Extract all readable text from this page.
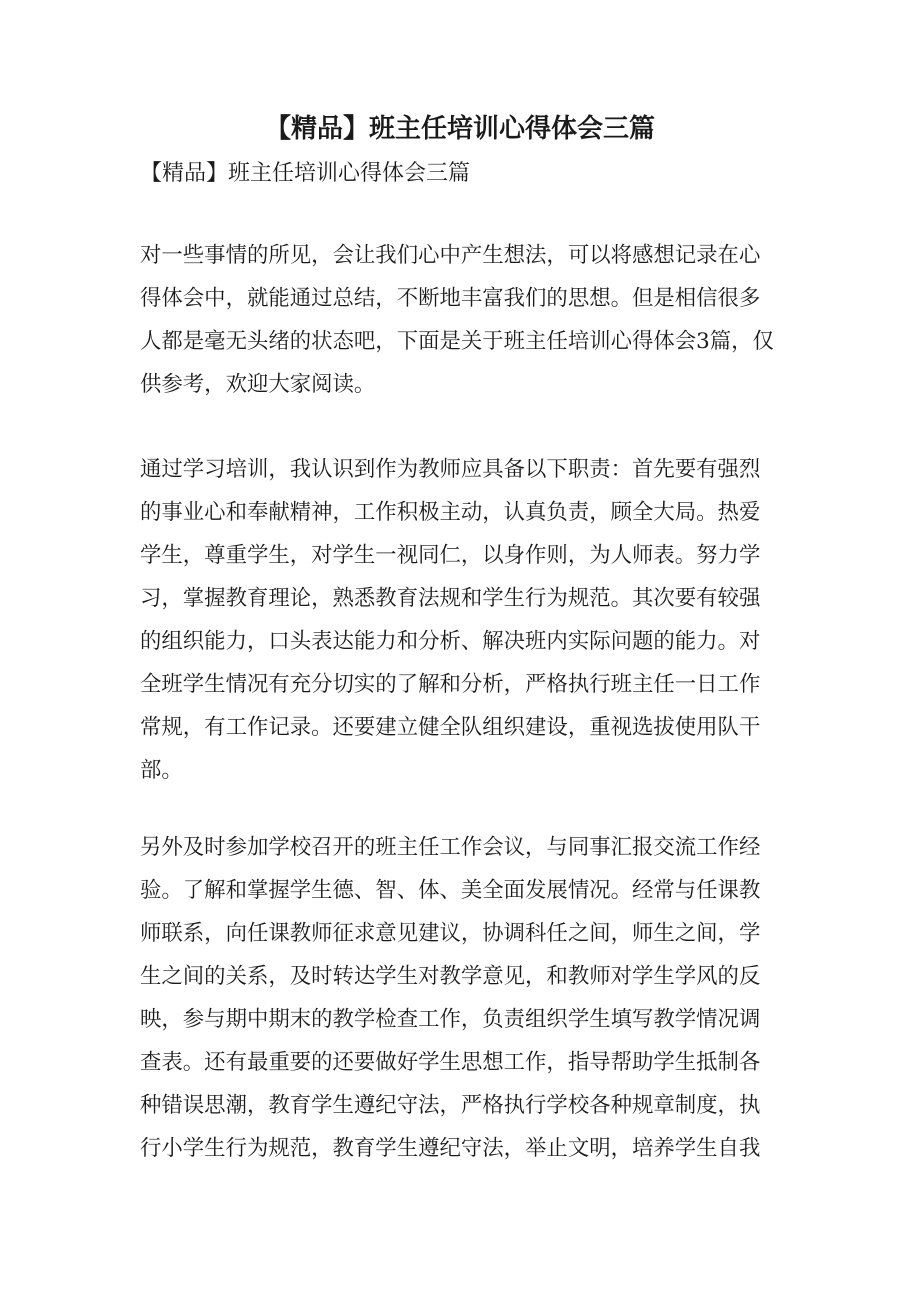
【精品】班主任培训心得体会三篇
【精品】班主任培训心得体会三篇
对一些事情的所见，会让我们心中产生想法，可以将感想记录在心
得体会中，就能通过总结，不断地丰富我们的思想。但是相信很多
人都是毫无头绪的状态吧，下面是关于班主任培训心得体会3篇，仅
供参考，欢迎大家阅读。
通过学习培训，我认识到作为教师应具备以下职责：首先要有强烈
的事业心和奉献精神，工作积极主动，认真负责，顾全大局。热爱
学生，尊重学生，对学生一视同仁，以身作则，为人师表。努力学
习，掌握教育理论，熟悉教育法规和学生行为规范。其次要有较强
的组织能力，口头表达能力和分析、解决班内实际问题的能力。对
全班学生情况有充分切实的了解和分析，严格执行班主任一日工作
常规，有工作记录。还要建立健全队组织建设，重视选拔使用队干
部。
另外及时参加学校召开的班主任工作会议，与同事汇报交流工作经
验。了解和掌握学生德、智、体、美全面发展情况。经常与任课教
师联系，向任课教师征求意见建议，协调科任之间，师生之间，学
生之间的关系，及时转达学生对教学意见，和教师对学生学风的反
映，参与期中期末的教学检查工作，负责组织学生填写教学情况调
查表。还有最重要的还要做好学生思想工作，指导帮助学生抵制各
种错误思潮，教育学生遵纪守法，严格执行学校各种规章制度，执
行小学生行为规范，教育学生遵纪守法，举止文明，培养学生自我
